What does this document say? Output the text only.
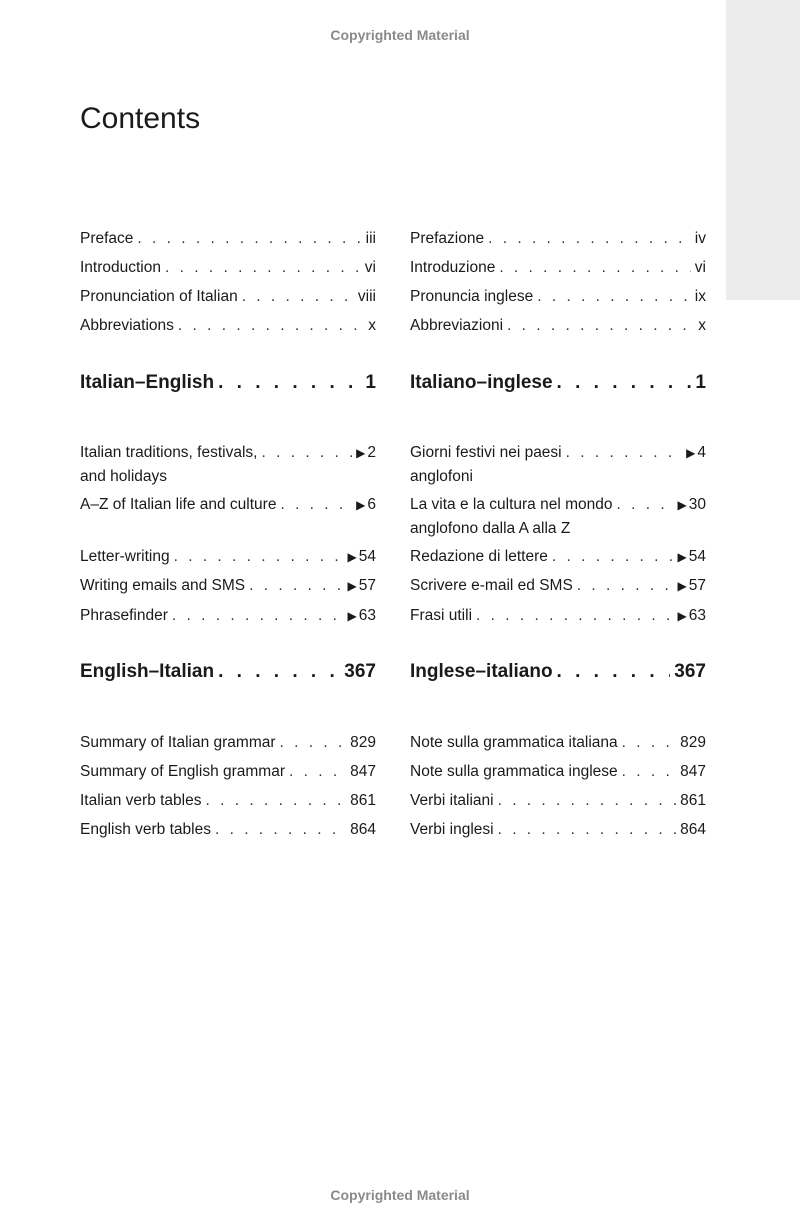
Copyrighted Material
Contents
Preface . . .	iii
Introduction . . .	vi
Pronunciation of Italian . . .	viii
Abbreviations . . .	x
Italian–English . . .	1
Italian traditions, festivals, . . .	▶ 2
and holidays
A–Z of Italian life and culture . . .	▶ 6
Letter-writing . . .	▶ 54
Writing emails and SMS . . .	▶ 57
Phrasefinder . . .	▶ 63
English–Italian . . .	367
Summary of Italian grammar . . .	829
Summary of English grammar . . .	847
Italian verb tables . . .	861
English verb tables . . .	864
Prefazione . . .	iv
Introduzione . . .	vi
Pronuncia inglese . . .	ix
Abbreviazioni . . .	x
Italiano–inglese . . .	1
Giorni festivi nei paesi . . .	▶ 4
anglofoni
La vita e la cultura nel mondo . . .	▶ 30
anglofono dalla A alla Z
Redazione di lettere . . .	▶ 54
Scrivere e-mail ed SMS . . .	▶ 57
Frasi utili . . .	▶ 63
Inglese–italiano . . .	367
Note sulla grammatica italiana . . .	829
Note sulla grammatica inglese . . .	847
Verbi italiani . . .	861
Verbi inglesi . . .	864
Copyrighted Material
